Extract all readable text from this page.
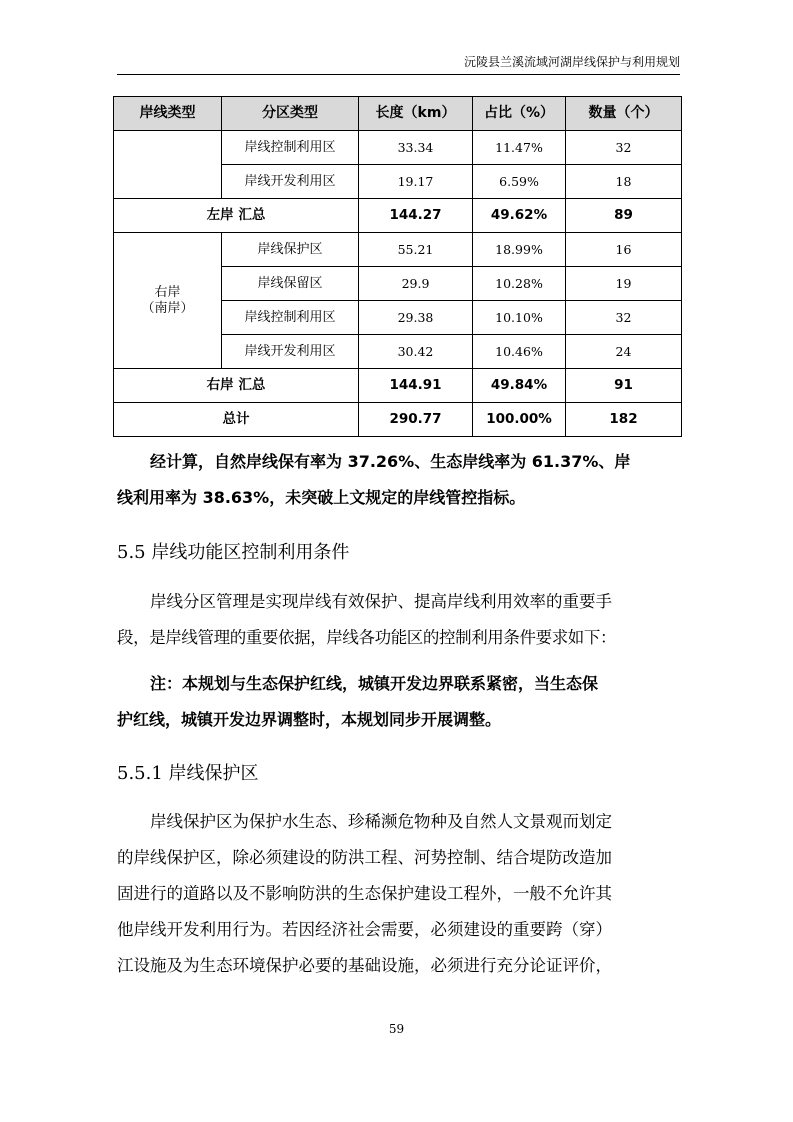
沅陵县兰溪流域河湖岸线保护与利用规划
岸线类型	分区类型	长度（km）	占比（%）	数量（个）
	岸线控制利用区	33.34	11.47%	32
	岸线开发利用区	19.17	6.59%	18
左岸 汇总		144.27	49.62%	89
右岸
（南岸）	岸线保护区	55.21	18.99%	16
	岸线保留区	29.9	10.28%	19
	岸线控制利用区	29.38	10.10%	32
	岸线开发利用区	30.42	10.46%	24
右岸 汇总		144.91	49.84%	91
总计		290.77	100.00%	182
经计算，自然岸线保有率为 37.26%、生态岸线率为 61.37%、岸
线利用率为 38.63%，未突破上文规定的岸线管控指标。
5.5 岸线功能区控制利用条件
岸线分区管理是实现岸线有效保护、提高岸线利用效率的重要手
段，是岸线管理的重要依据，岸线各功能区的控制利用条件要求如下：
注：本规划与生态保护红线，城镇开发边界联系紧密，当生态保
护红线，城镇开发边界调整时，本规划同步开展调整。
5.5.1 岸线保护区
岸线保护区为保护水生态、珍稀濒危物种及自然人文景观而划定
的岸线保护区，除必须建设的防洪工程、河势控制、结合堤防改造加
固进行的道路以及不影响防洪的生态保护建设工程外，一般不允许其
他岸线开发利用行为。若因经济社会需要，必须建设的重要跨（穿）
江设施及为生态环境保护必要的基础设施，必须进行充分论证评价，
59
